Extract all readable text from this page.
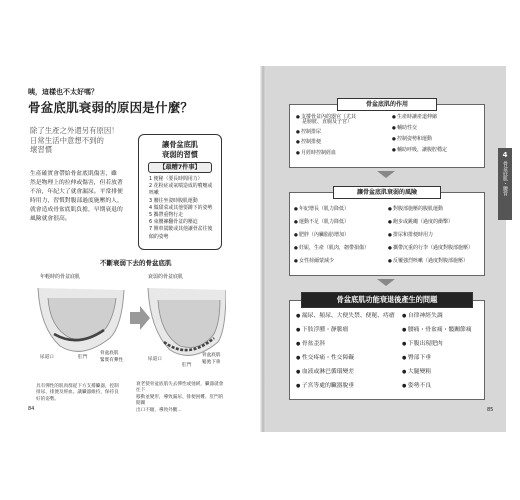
咦，這樣也不太好嗎？
骨盆底肌衰弱的原因是什麼？
除了生產之外還另有原因！
日常生活中意想不到的
壞習慣
生產確實會帶給骨盆底肌傷害，雖
然是物理上的拉伸或傷害，但若放著
不治，年紀大了就會漏尿。平常排便
時用力，習慣對腹部過度施壓的人，
就會造成骨盆底肌負擔，早期衰退的
風險就會很高。
讓骨盆底肌
衰弱的習慣
【最糟7件事】
1 便秘（要長時間用力）
2 花粉症或氣喘造成的噴嚏或
咳嗽
3 腰往坐姿時腹肌運動
4 做甜菜或其他要蹲下的姿勢
5 攜帶重物行走
6 束腰褲翻骨盆的壓迫
7 開車駕駛或其他讓骨盆往後
傾的姿勢
不斷衰弱下去的骨盆底肌
年輕時的骨盆底肌	衰弱的骨盆底肌
尿道口	肛門
骨盆底肌
緊實有彈性	尿道口
肛門
骨盆底肌
鬆弛下垂
具有彈性的肌肉群從下方支撐臟器，控制
排尿、排便及經血。讓臟器維持，保持良
好的姿勢。
衰老使骨盆底肌失去彈性或弛緩，臟器就會往下
移動並變形，導致漏尿、排便困難、肛門的開關
出口不順，導致外觀...
84
4
骨盆底肌・腰背
骨盆底肌的作用
● 支撐骨盆內的器官（尤其
是膀胱、直腸及子宮）
● 控制排尿
● 控制排便
● 月經時控制經血
● 生產時讓產道伸縮
● 輔助性交
● 控制姿勢和運動
● 輔助呼吸，讓腹腔穩定
讓骨盆底肌衰弱的風險
● 年紀增長（肌力降低）
● 運動不足（肌力降低）
● 肥胖（內臟脂肪增加）
● 妊娠，生產（肌肉，韌帶損傷）
● 女性荷爾蒙減少
● 對腹部施壓的腹肌運動
● 跑步或跳繩（過度的衝擊）
● 排尿和排便時用力
● 攜帶沉重的行李（過度對腹部施壓）
● 反覆強烈咳嗽（過度對腹部施壓）
骨盆底肌功能衰退後產生的問題
● 漏尿、頻尿、大便失禁、便秘、痔瘡
● 下肢浮腫・靜脈瘤
● 骨盆歪斜
● 性交疼痛・性交障礙
● 血液或淋巴循環變差
● 子宮等處的臟器脫垂
● 自律神經失調
● 腰痛・骨盆痛・髖關節痛
● 下腹出現肥肉
● 臀部下垂
● 大腿變粗
● 姿勢不良
85
